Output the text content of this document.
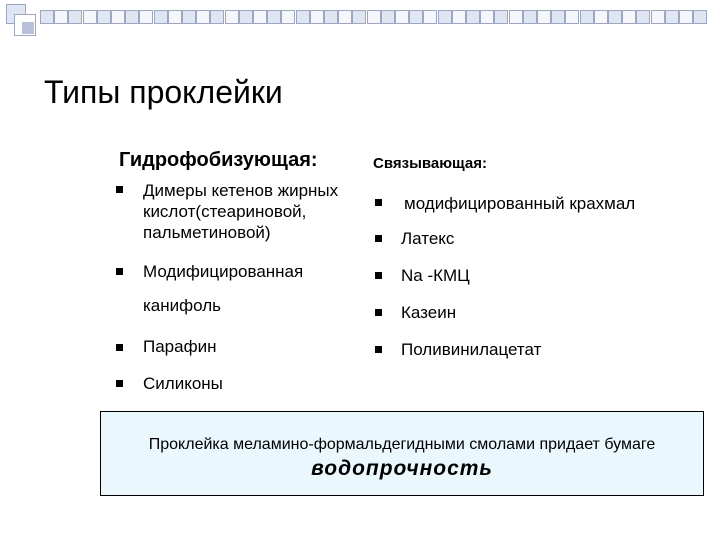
Типы проклейки
Гидрофобизующая:	Связывающая:
Димеры кетенов жирных
кислот(стеариновой,
пальметиновой)
Модифицированная
канифоль
Парафин
Силиконы
модифицированный крахмал
Латекс
Na -КМЦ
Казеин
Поливинилацетат
Проклейка меламино-формальдегидными смолами придает бумаге
водопрочность
